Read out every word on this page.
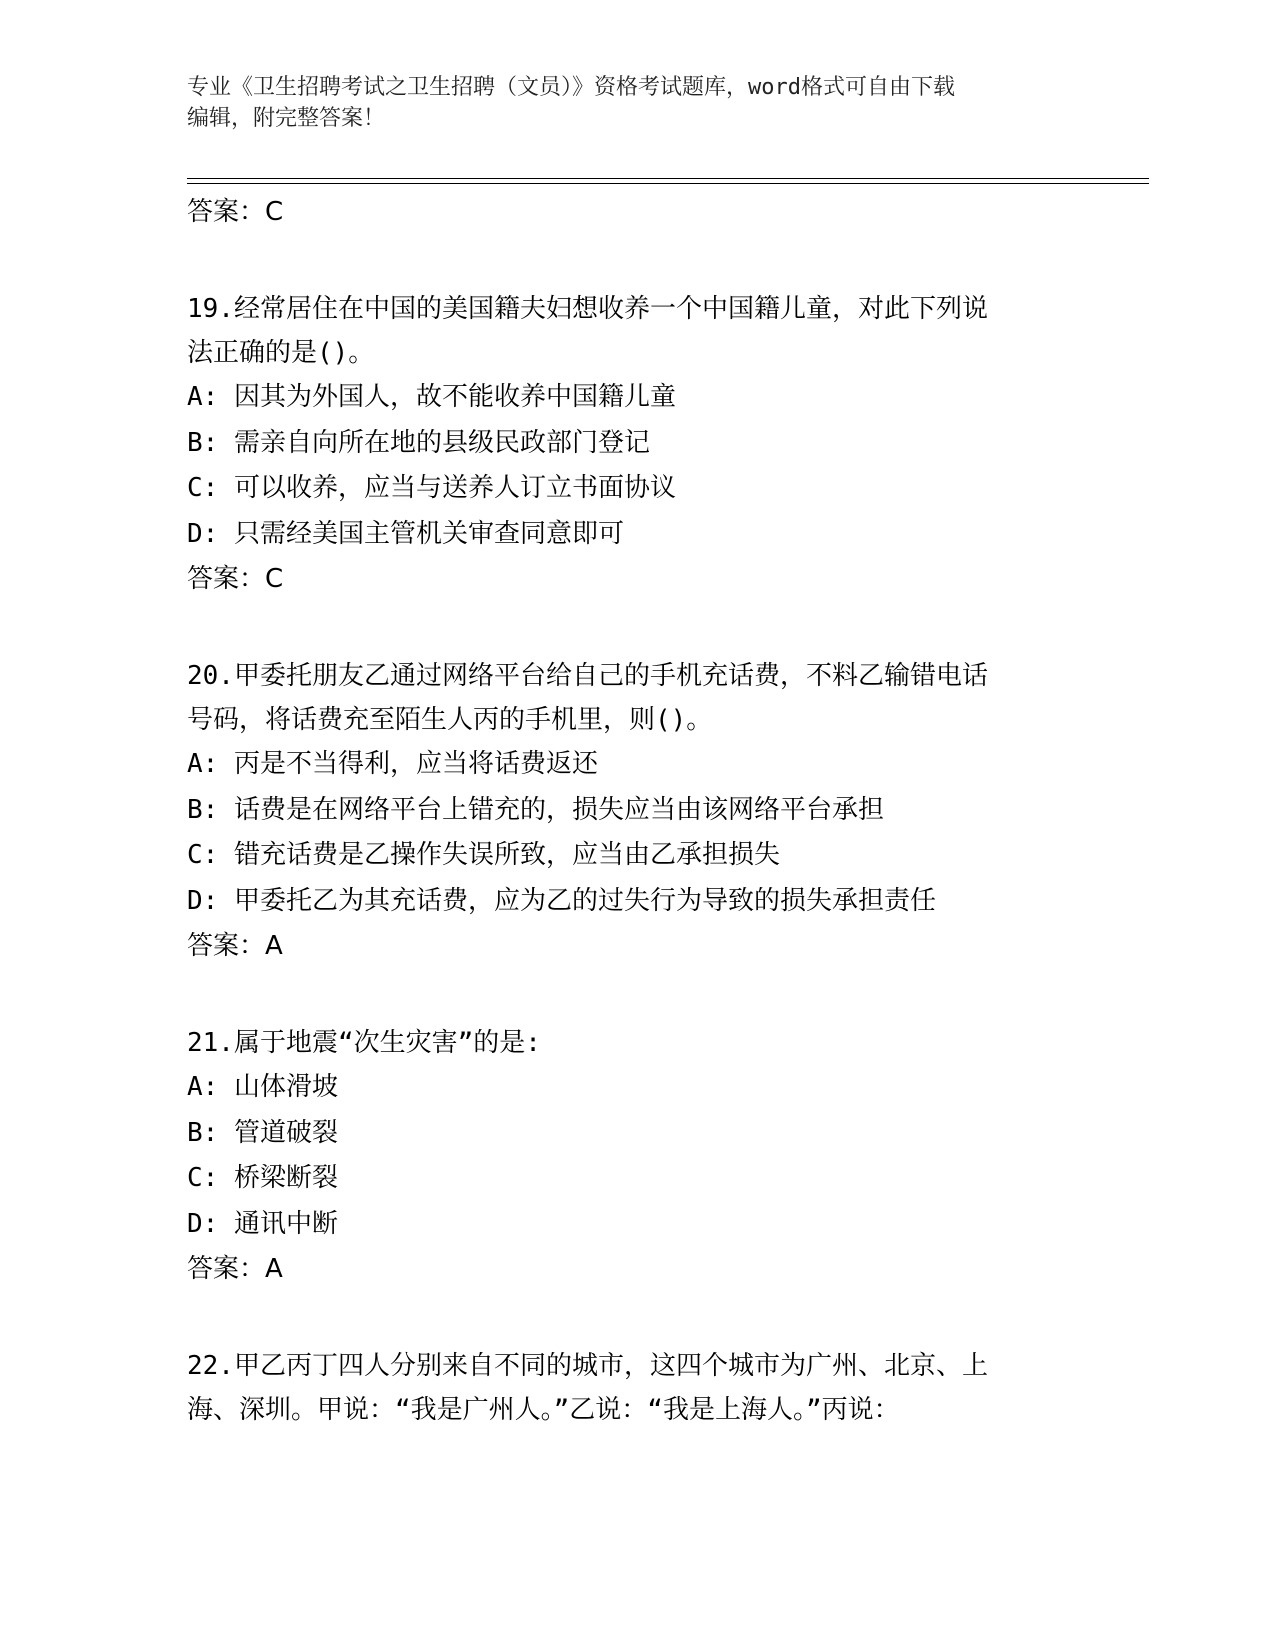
专业《卫生招聘考试之卫生招聘（文员）》资格考试题库，word格式可自由下载
编辑，附完整答案！
答案：C
19.经常居住在中国的美国籍夫妇想收养一个中国籍儿童，对此下列说
法正确的是()。
A: 因其为外国人，故不能收养中国籍儿童
B: 需亲自向所在地的县级民政部门登记
C: 可以收养，应当与送养人订立书面协议
D: 只需经美国主管机关审查同意即可
答案：C
20.甲委托朋友乙通过网络平台给自己的手机充话费，不料乙输错电话
号码，将话费充至陌生人丙的手机里，则()。
A: 丙是不当得利，应当将话费返还
B: 话费是在网络平台上错充的，损失应当由该网络平台承担
C: 错充话费是乙操作失误所致，应当由乙承担损失
D: 甲委托乙为其充话费，应为乙的过失行为导致的损失承担责任
答案：A
21.属于地震“次生灾害”的是:
A: 山体滑坡
B: 管道破裂
C: 桥梁断裂
D: 通讯中断
答案：A
22.甲乙丙丁四人分别来自不同的城市，这四个城市为广州、北京、上
海、深圳。甲说：“我是广州人。”乙说：“我是上海人。”丙说：
